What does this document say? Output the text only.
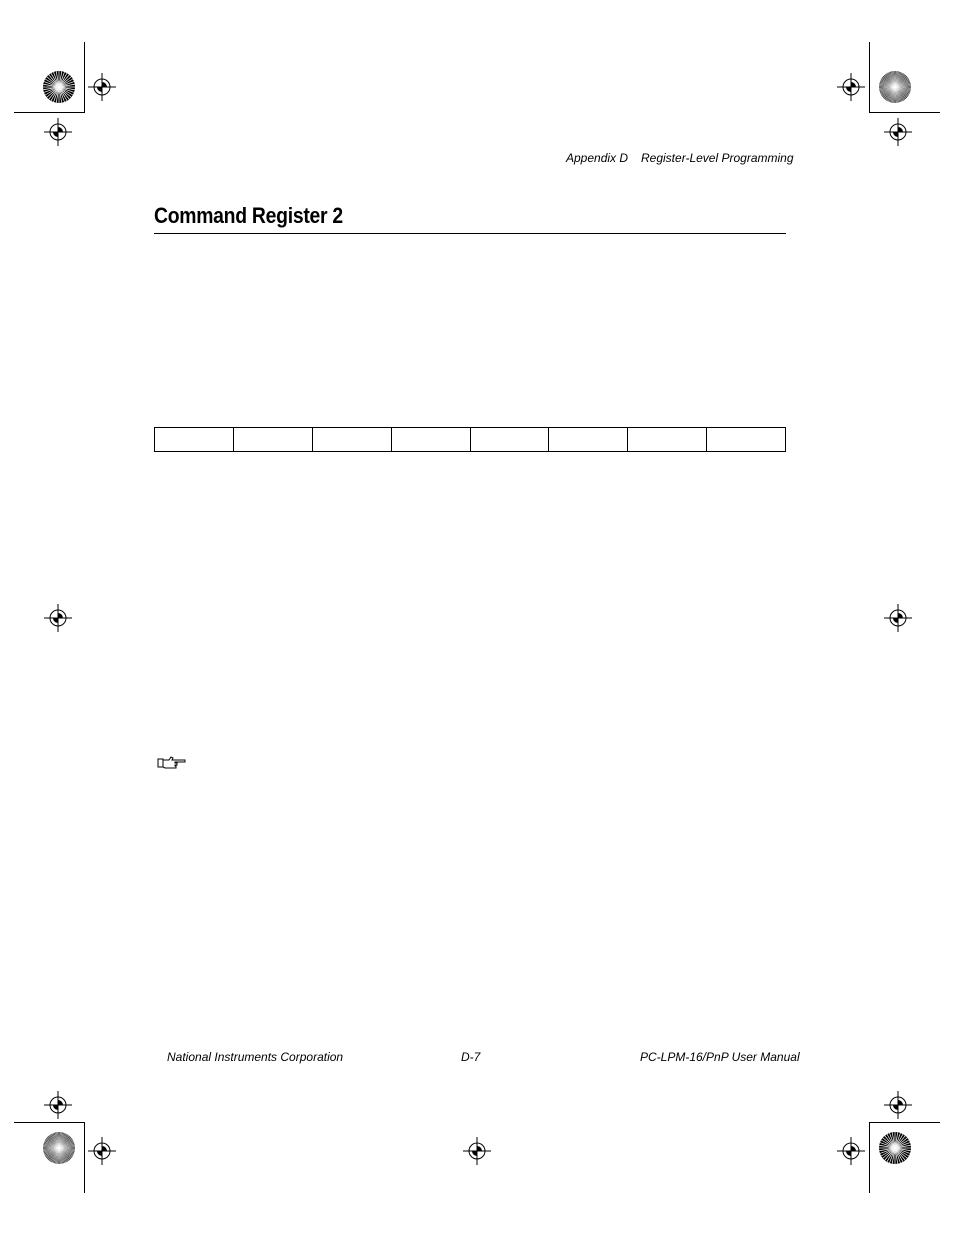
Appendix D Register-Level Programming
Command Register 2

National Instruments Corporation	D-7	PC-LPM-16/PnP User Manual
